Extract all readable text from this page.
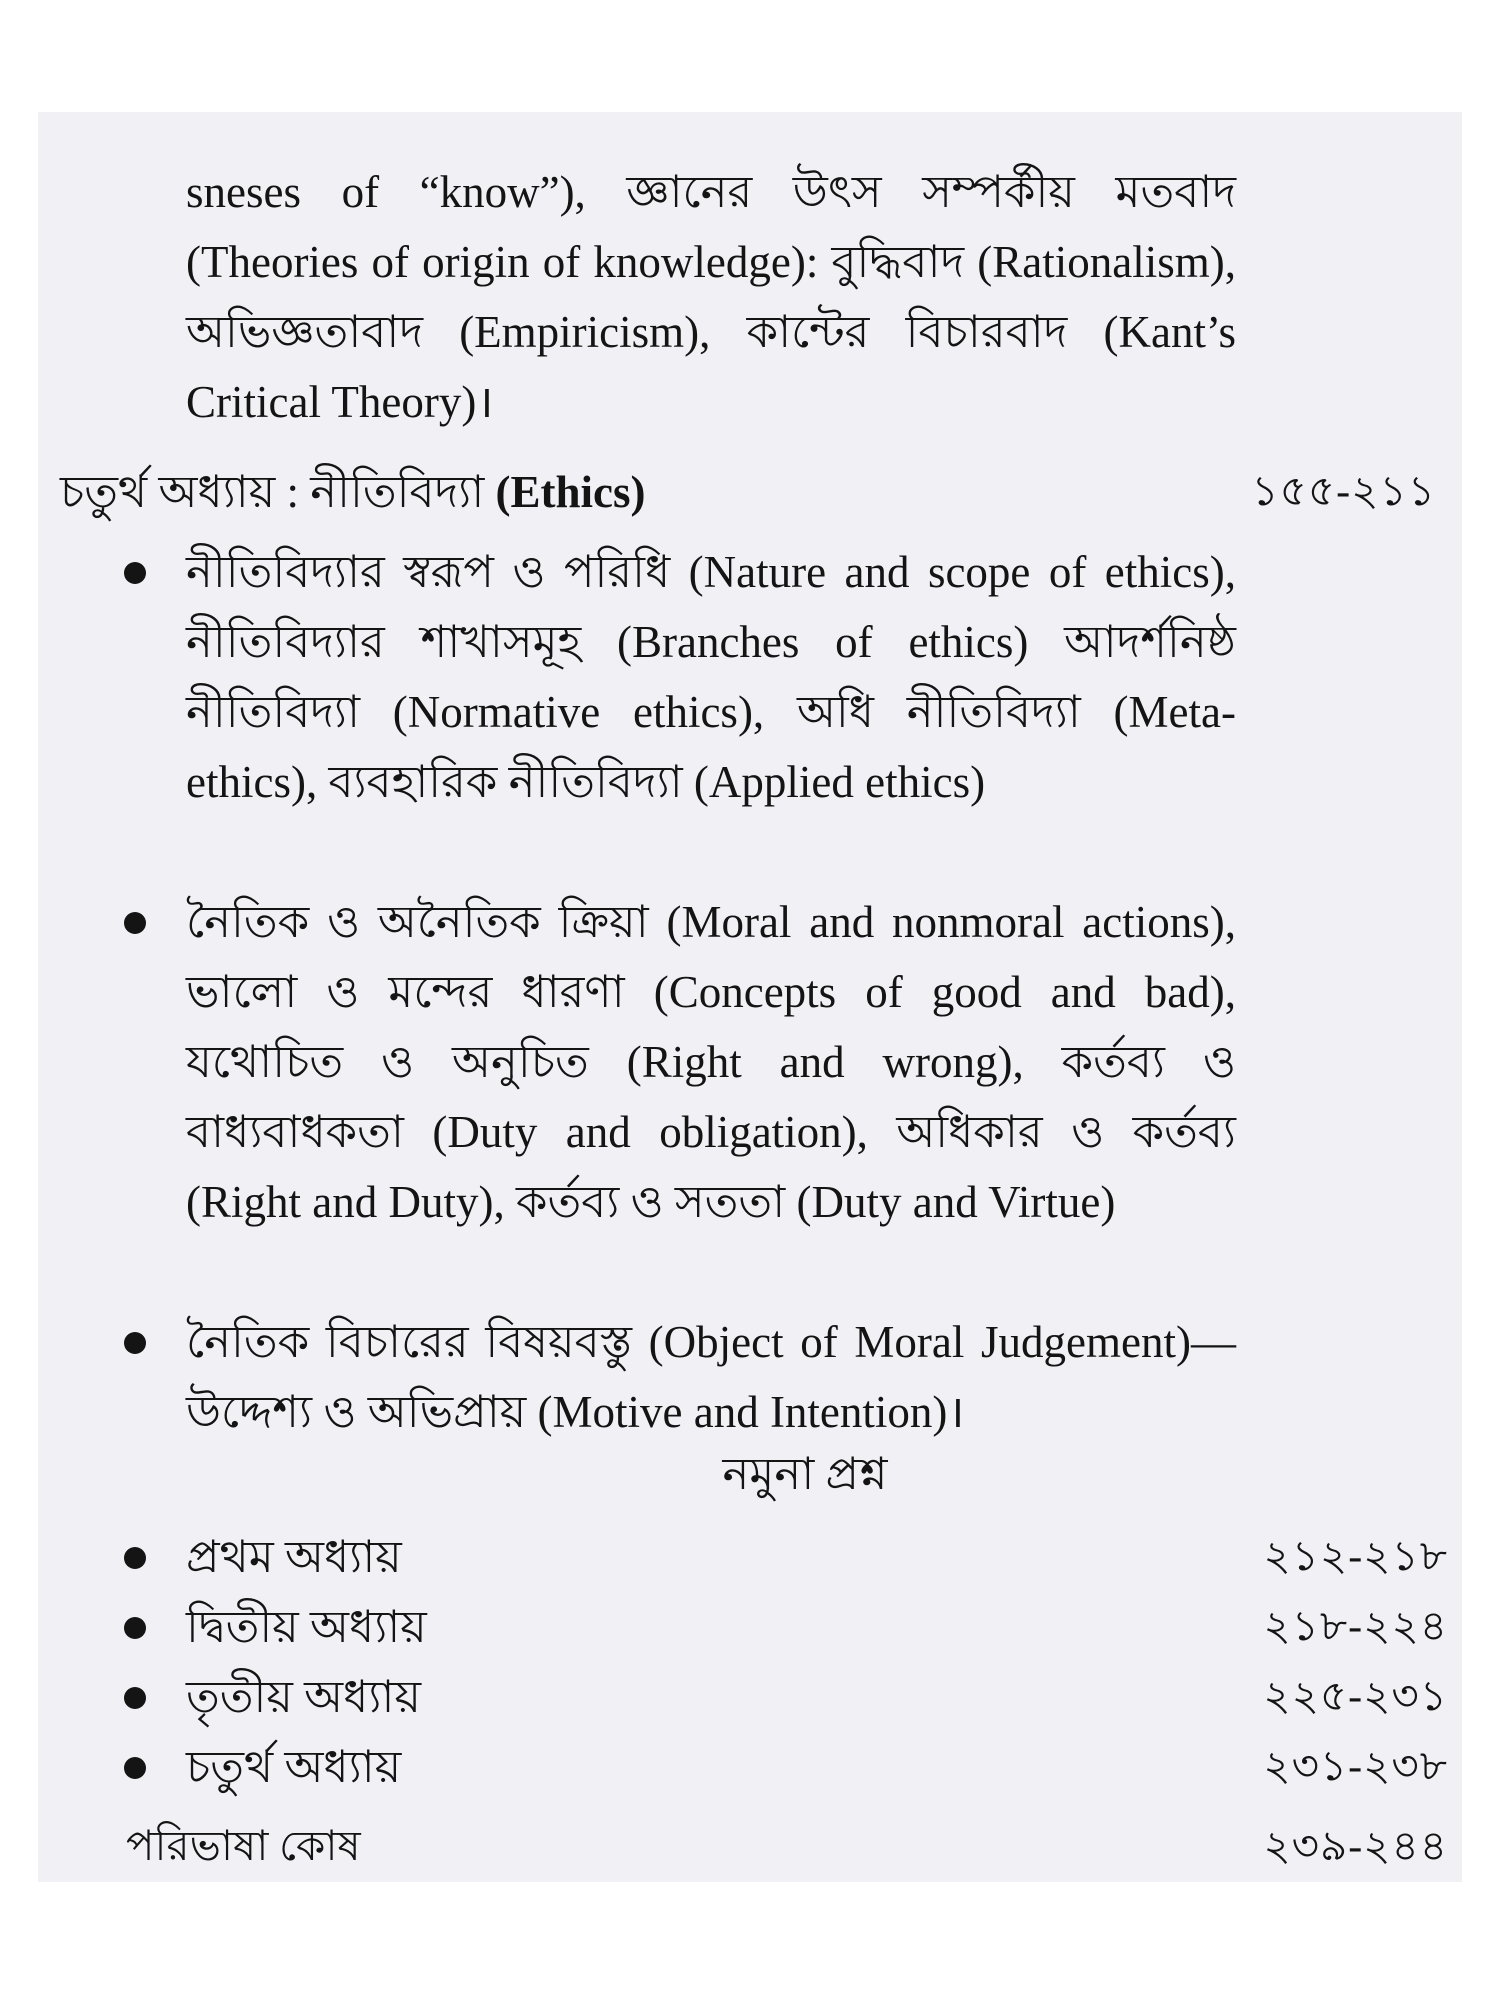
sneses of “know”), জ্ঞানের উৎস সম্পর্কীয় মতবাদ (Theories of origin of knowledge): বুদ্ধিবাদ (Rationalism), অভিজ্ঞতাবাদ (Empiricism), কান্টের বিচারবাদ (Kant’s Critical Theory)।

চতুর্থ অধ্যায় : নীতিবিদ্যা (Ethics)	১৫৫-২১১

নীতিবিদ্যার স্বরূপ ও পরিধি (Nature and scope of ethics), নীতিবিদ্যার শাখাসমূহ (Branches of ethics) আদর্শনিষ্ঠ নীতিবিদ্যা (Normative ethics), অধি নীতিবিদ্যা (Meta-ethics), ব্যবহারিক নীতিবিদ্যা (Applied ethics)

নৈতিক ও অনৈতিক ক্রিয়া (Moral and nonmoral actions), ভালো ও মন্দের ধারণা (Concepts of good and bad), যথোচিত ও অনুচিত (Right and wrong), কর্তব্য ও বাধ্যবাধকতা (Duty and obligation), অধিকার ও কর্তব্য (Right and Duty), কর্তব্য ও সততা (Duty and Virtue)

নৈতিক বিচারের বিষয়বস্তু (Object of Moral Judgement)—উদ্দেশ্য ও অভিপ্রায় (Motive and Intention)।

নমুনা প্রশ্ন
প্রথম অধ্যায়	২১২-২১৮
দ্বিতীয় অধ্যায়	২১৮-২২৪
তৃতীয় অধ্যায়	২২৫-২৩১
চতুর্থ অধ্যায়	২৩১-২৩৮
পরিভাষা কোষ	২৩৯-২৪৪
